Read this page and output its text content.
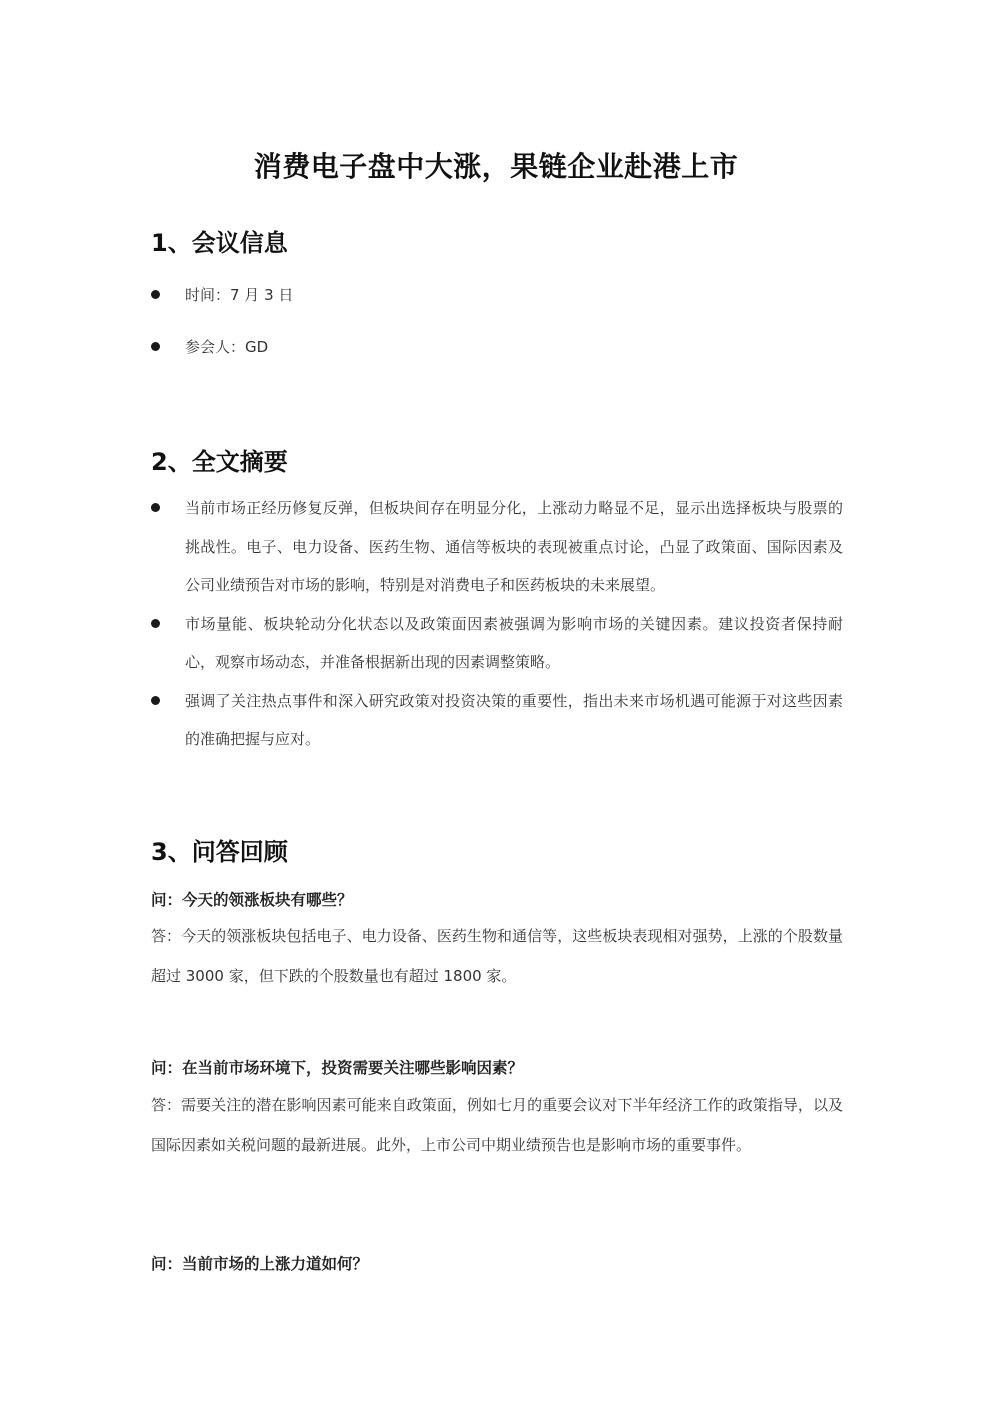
消费电子盘中大涨，果链企业赴港上市
1、会议信息
时间：7 月 3 日
参会人：GD
2、全文摘要
当前市场正经历修复反弹，但板块间存在明显分化，上涨动力略显不足，显示出选择板块与股票的挑战性。电子、电力设备、医药生物、通信等板块的表现被重点讨论，凸显了政策面、国际因素及公司业绩预告对市场的影响，特别是对消费电子和医药板块的未来展望。
市场量能、板块轮动分化状态以及政策面因素被强调为影响市场的关键因素。建议投资者保持耐心，观察市场动态，并准备根据新出现的因素调整策略。
强调了关注热点事件和深入研究政策对投资决策的重要性，指出未来市场机遇可能源于对这些因素的准确把握与应对。
3、问答回顾
问：今天的领涨板块有哪些？
答：今天的领涨板块包括电子、电力设备、医药生物和通信等，这些板块表现相对强势，上涨的个股数量超过 3000 家，但下跌的个股数量也有超过 1800 家。
问：在当前市场环境下，投资需要关注哪些影响因素？
答：需要关注的潜在影响因素可能来自政策面，例如七月的重要会议对下半年经济工作的政策指导，以及国际因素如关税问题的最新进展。此外，上市公司中期业绩预告也是影响市场的重要事件。
问：当前市场的上涨力道如何？
